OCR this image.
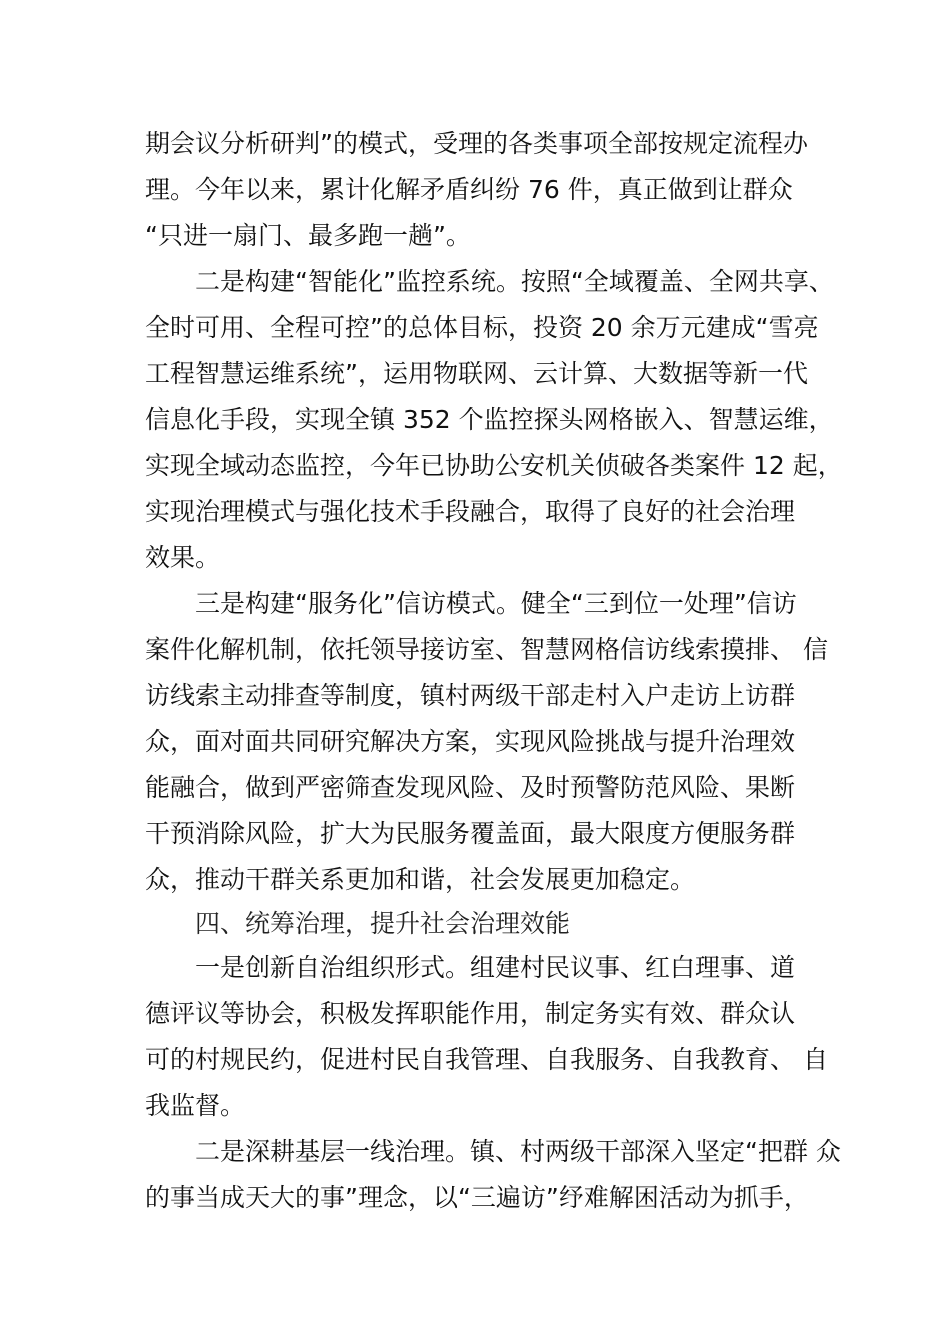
期会议分析研判”的模式，受理的各类事项全部按规定流程办
理。今年以来，累计化解矛盾纠纷 76 件，真正做到让群众
“只进一扇门、最多跑一趟”。
二是构建“智能化”监控系统。按照“全域覆盖、全网共享、
全时可用、全程可控”的总体目标，投资 20 余万元建成“雪亮
工程智慧运维系统”，运用物联网、云计算、大数据等新一代
信息化手段，实现全镇 352 个监控探头网格嵌入、智慧运维，
实现全域动态监控，今年已协助公安机关侦破各类案件 12 起，
实现治理模式与强化技术手段融合，取得了良好的社会治理
效果。
三是构建“服务化”信访模式。健全“三到位一处理”信访
案件化解机制，依托领导接访室、智慧网格信访线索摸排、 信
访线索主动排查等制度，镇村两级干部走村入户走访上访群
众，面对面共同研究解决方案，实现风险挑战与提升治理效
能融合，做到严密筛查发现风险、及时预警防范风险、果断
干预消除风险，扩大为民服务覆盖面，最大限度方便服务群
众，推动干群关系更加和谐，社会发展更加稳定。
四、统筹治理，提升社会治理效能
一是创新自治组织形式。组建村民议事、红白理事、道
德评议等协会，积极发挥职能作用，制定务实有效、群众认
可的村规民约，促进村民自我管理、自我服务、自我教育、 自
我监督。
二是深耕基层一线治理。镇、村两级干部深入坚定“把群 众
的事当成天大的事”理念，以“三遍访”纾难解困活动为抓手，
